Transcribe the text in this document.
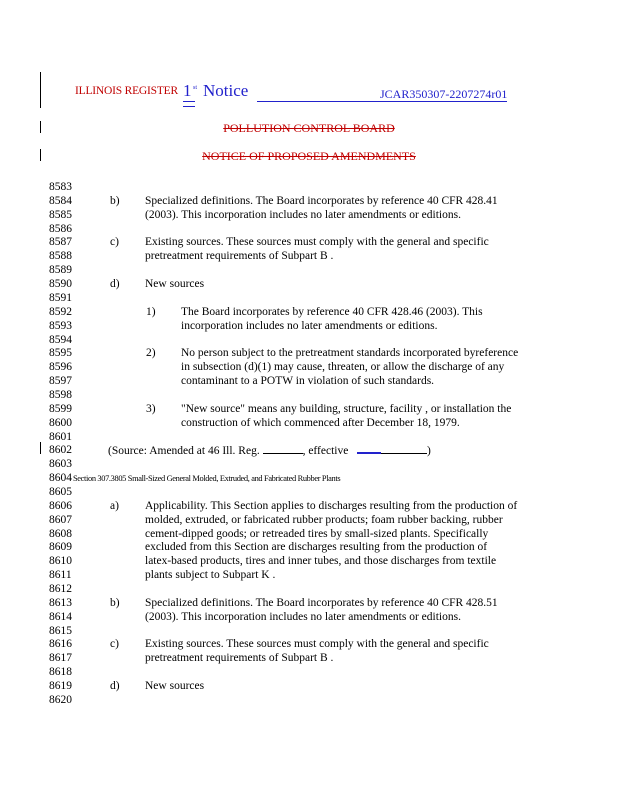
ILLINOIS REGISTER 1 st Notice	JCAR350307-2207274r01
POLLUTION CONTROL BOARD
NOTICE OF PROPOSED AMENDMENTS
8583
8584	b) Specialized definitions. The Board incorporates by reference 40 CFR 428.41
8585	(2003). This incorporation includes no later amendments or editions.
8586
8587	c) Existing sources. These sources must comply with the general and specific
8588	pretreatment requirements of Subpart B .
8589
8590	d) New sources
8591
8592	1) The Board incorporates by reference 40 CFR 428.46 (2003). This
8593	incorporation includes no later amendments or editions.
8594
8595	2) No person subject to the pretreatment standards incorporated byreference
8596	in subsection (d)(1) may cause, threaten, or allow the discharge of any
8597	contaminant to a POTW in violation of such standards.
8598
8599	3) "New source" means any building, structure, facility , or installation the
8600	construction of which commenced after December 18, 1979.
8601
8602	(Source: Amended at 46 Ill. Reg.	, effective	)
8603
8604 Section 307.3805 Small-Sized General Molded, Extruded, and Fabricated Rubber Plants
8605
8606	a) Applicability. This Section applies to discharges resulting from the production of
8607	molded, extruded, or fabricated rubber products; foam rubber backing, rubber
8608	cement-dipped goods; or retreaded tires by small-sized plants. Specifically
8609	excluded from this Section are discharges resulting from the production of
8610	latex-based products, tires and inner tubes, and those discharges from textile
8611	plants subject to Subpart K .
8612
8613	b) Specialized definitions. The Board incorporates by reference 40 CFR 428.51
8614	(2003). This incorporation includes no later amendments or editions.
8615
8616	c) Existing sources. These sources must comply with the general and specific
8617	pretreatment requirements of Subpart B .
8618
8619	d) New sources
8620
